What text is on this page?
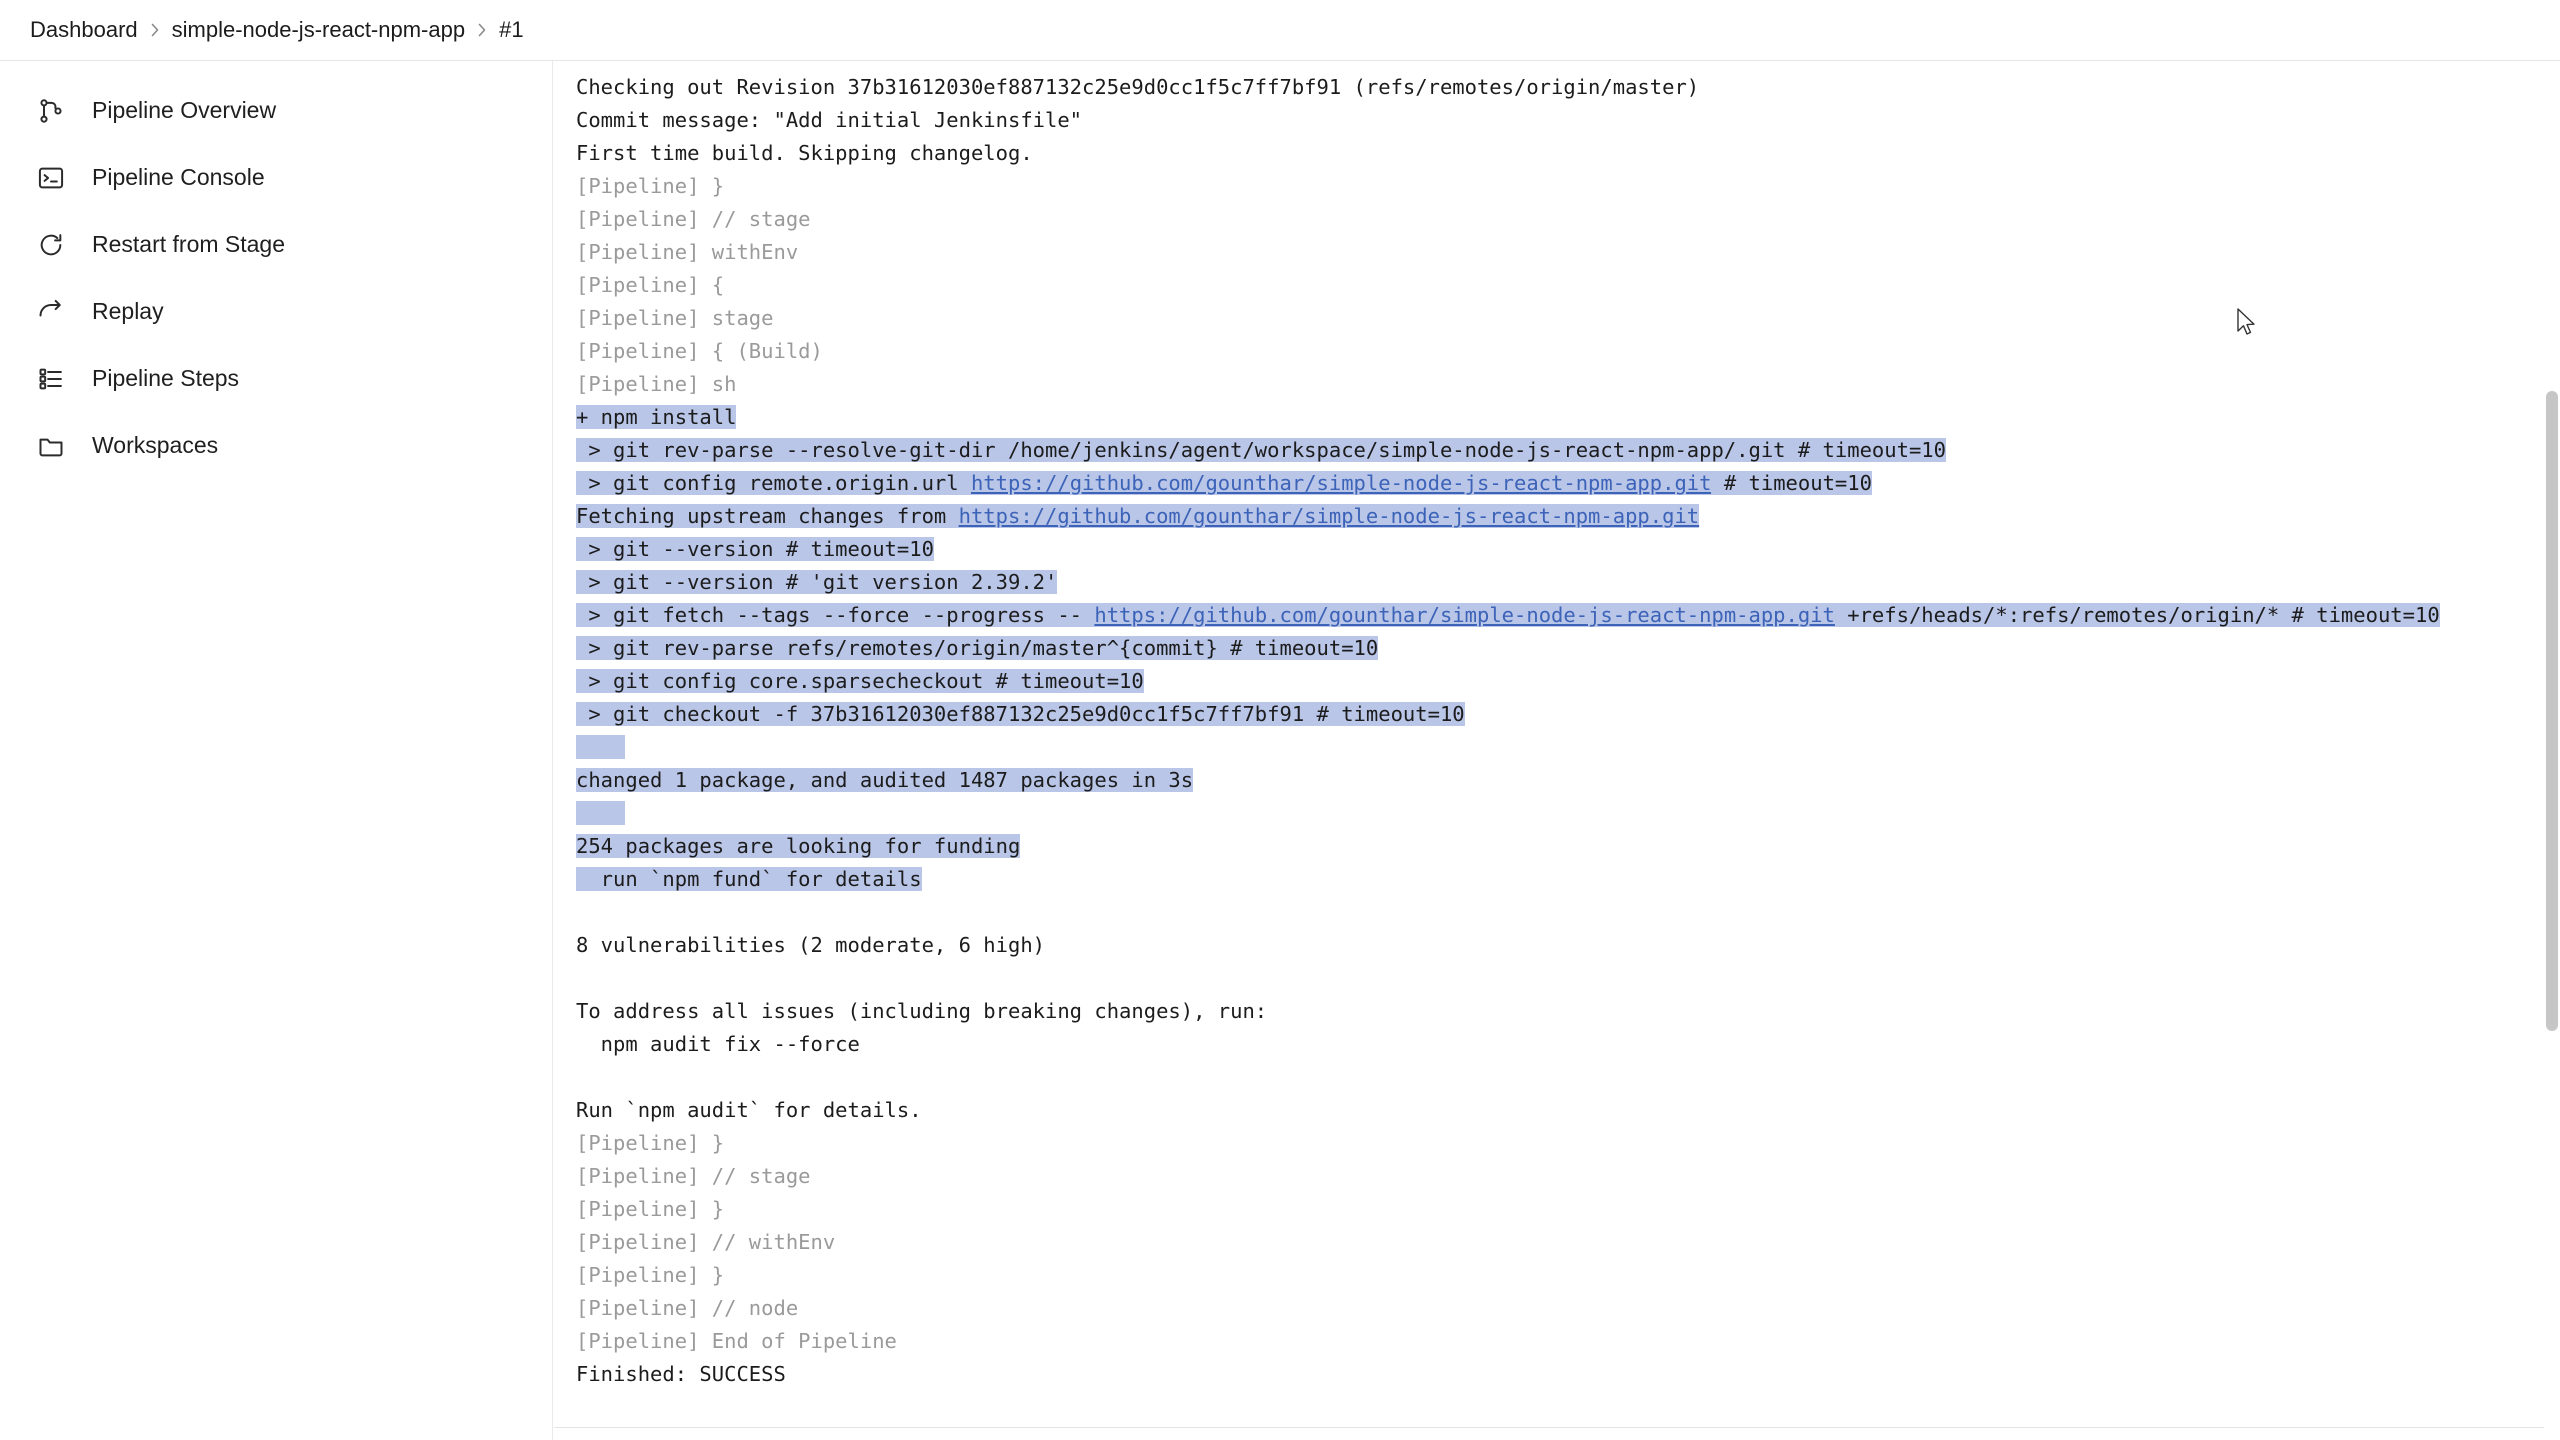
Dashboard simple-node-js-react-npm-app #1
Pipeline Overview
Pipeline Console
Restart from Stage
Replay
Pipeline Steps
Workspaces
Checking out Revision 37b31612030ef887132c25e9d0cc1f5c7ff7bf91 (refs/remotes/origin/master)
Commit message: "Add initial Jenkinsfile"
First time build. Skipping changelog.
[Pipeline] }
[Pipeline] // stage
[Pipeline] withEnv
[Pipeline] {
[Pipeline] stage
[Pipeline] { (Build)
[Pipeline] sh
+ npm install
> git rev-parse --resolve-git-dir /home/jenkins/agent/workspace/simple-node-js-react-npm-app/.git # timeout=10
> git config remote.origin.url https://github.com/gounthar/simple-node-js-react-npm-app.git # timeout=10
Fetching upstream changes from https://github.com/gounthar/simple-node-js-react-npm-app.git
> git --version # timeout=10
> git --version # 'git version 2.39.2'
> git fetch --tags --force --progress -- https://github.com/gounthar/simple-node-js-react-npm-app.git +refs/heads/*:refs/remotes/origin/* # timeout=10
> git rev-parse refs/remotes/origin/master^{commit} # timeout=10
> git config core.sparsecheckout # timeout=10
> git checkout -f 37b31612030ef887132c25e9d0cc1f5c7ff7bf91 # timeout=10

changed 1 package, and audited 1487 packages in 3s

254 packages are looking for funding
run `npm fund` for details

8 vulnerabilities (2 moderate, 6 high)

To address all issues (including breaking changes), run:
npm audit fix --force

Run `npm audit` for details.
[Pipeline] }
[Pipeline] // stage
[Pipeline] }
[Pipeline] // withEnv
[Pipeline] }
[Pipeline] // node
[Pipeline] End of Pipeline
Finished: SUCCESS
